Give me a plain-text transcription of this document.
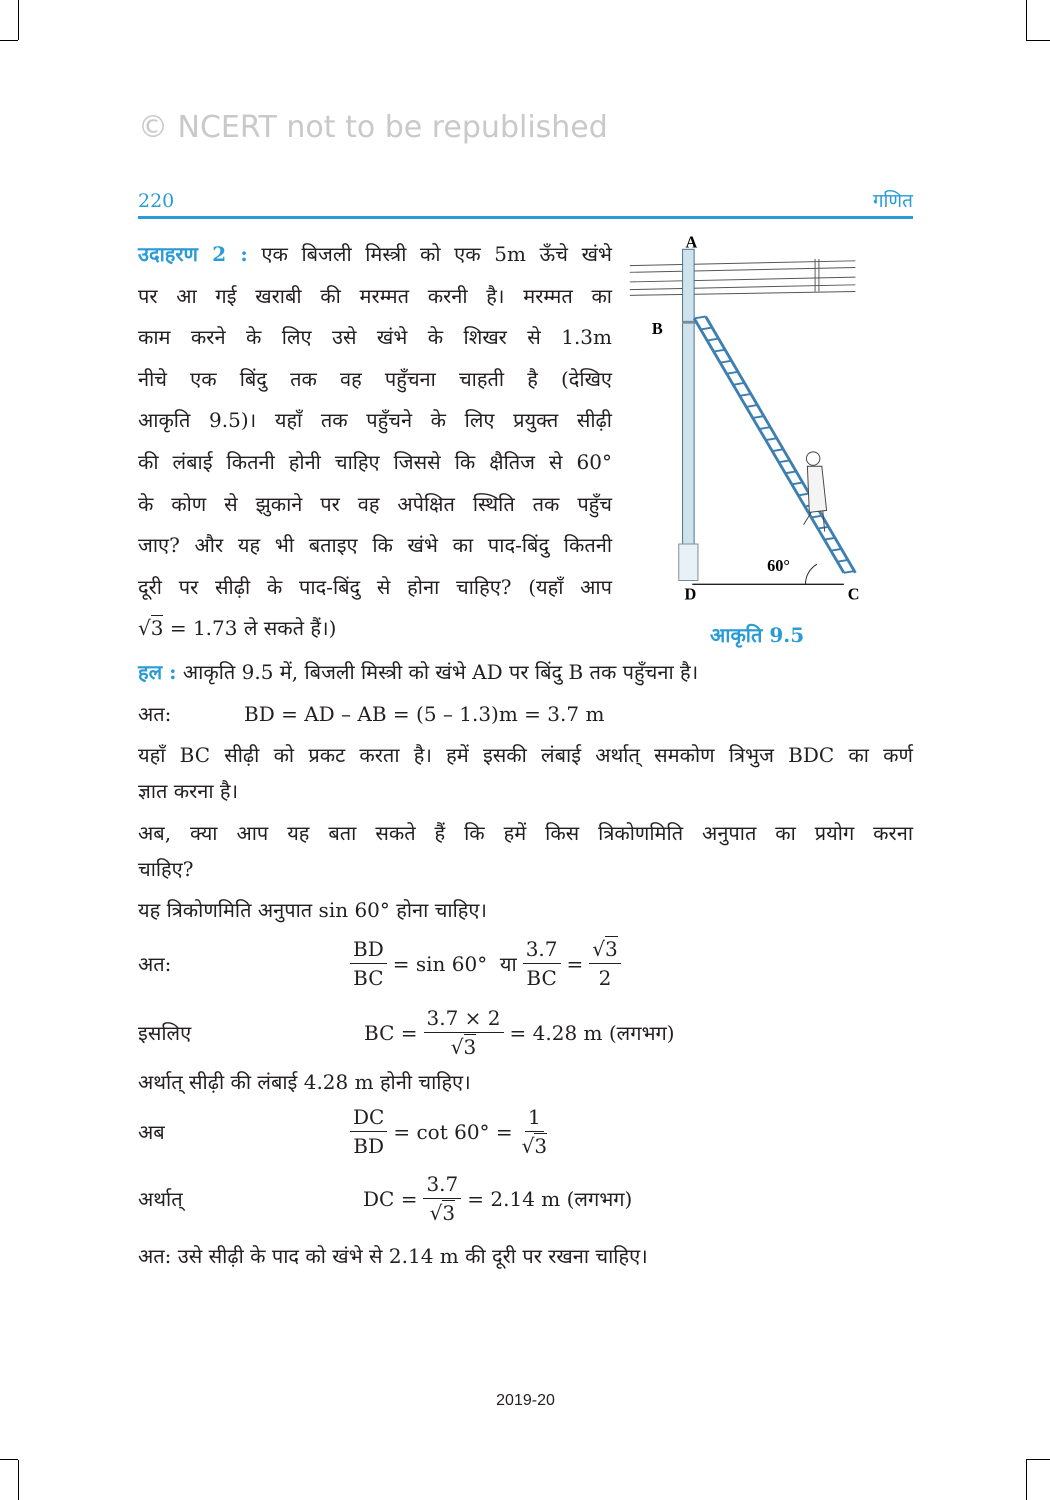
© NCERT not to be republished
220	गणित
उदाहरण 2 : एक बिजली मिस्त्री को एक 5m ऊँचे खंभे
पर आ गई खराबी की मरम्मत करनी है। मरम्मत का
काम करने के लिए उसे खंभे के शिखर से 1.3m
नीचे एक बिंदु तक वह पहुँचना चाहती है (देखिए
आकृति 9.5)। यहाँ तक पहुँचने के लिए प्रयुक्त सीढ़ी
की लंबाई कितनी होनी चाहिए जिससे कि क्षैतिज से 60°
के कोण से झुकाने पर वह अपेक्षित स्थिति तक पहुँच
जाए? और यह भी बताइए कि खंभे का पाद-बिंदु कितनी
दूरी पर सीढ़ी के पाद-बिंदु से होना चाहिए? (यहाँ आप
√3 = 1.73 ले सकते हैं।)
A
B
D	C
60°
आकृति 9.5
हल : आकृति 9.5 में, बिजली मिस्त्री को खंभे AD पर बिंदु B तक पहुँचना है।
अत:	BD = AD – AB = (5 – 1.3)m = 3.7 m
यहाँ BC सीढ़ी को प्रकट करता है। हमें इसकी लंबाई अर्थात् समकोण त्रिभुज BDC का कर्ण
ज्ञात करना है।
अब, क्या आप यह बता सकते हैं कि हमें किस त्रिकोणमिति अनुपात का प्रयोग करना
चाहिए?
यह त्रिकोणमिति अनुपात sin 60° होना चाहिए।
अत:	$\frac{BD}{BC} = \sin 60^\circ$  या $\frac{3.7}{BC} = \frac{√3}{2}$
इसलिए	BC = $\frac{3.7 \times 2}{√3} = 4.28$ m (लगभग)
अर्थात् सीढ़ी की लंबाई 4.28 m होनी चाहिए।
अब	$\frac{DC}{BD} = \cot 60^\circ = \frac{1}{√3}$
अर्थात्	DC = $\frac{3.7}{√3} = 2.14$ m (लगभग)
अत: उसे सीढ़ी के पाद को खंभे से 2.14 m की दूरी पर रखना चाहिए।
2019-20
